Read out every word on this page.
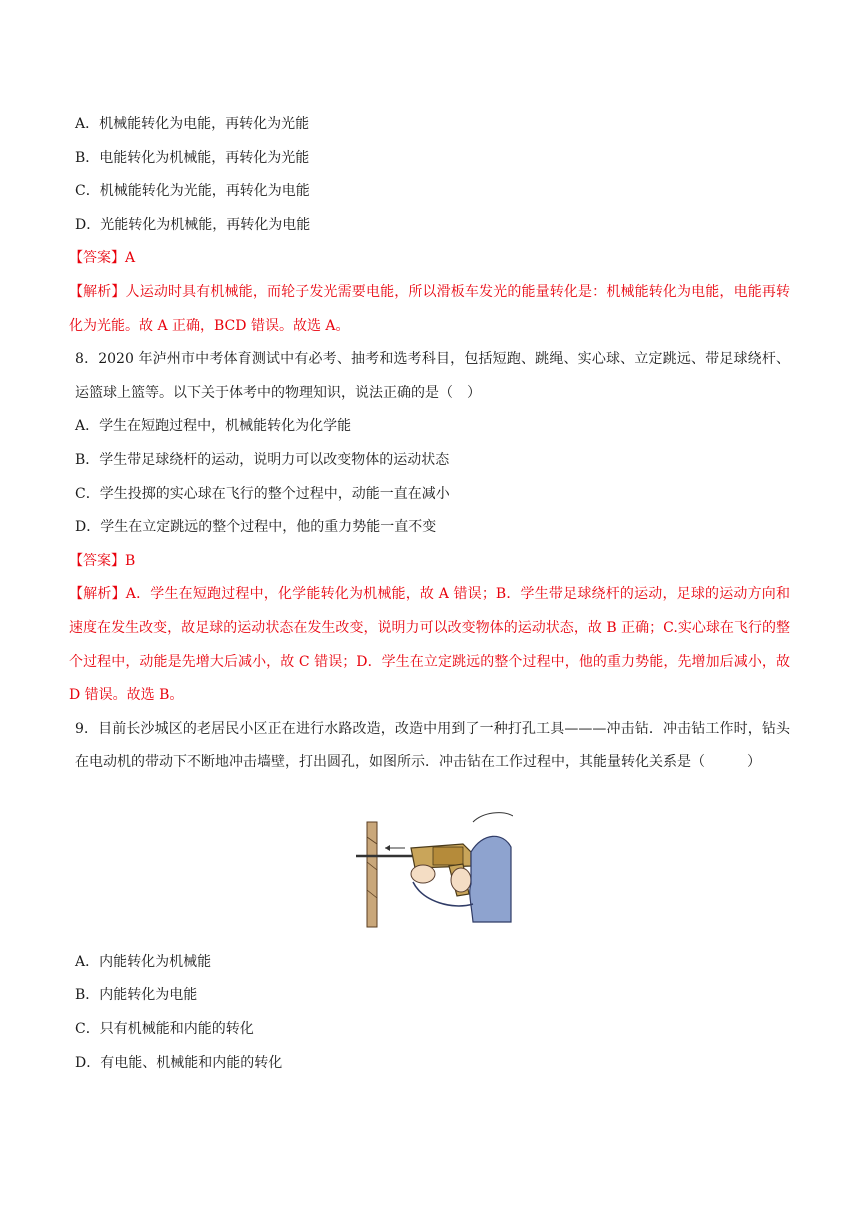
A．机械能转化为电能，再转化为光能
B．电能转化为机械能，再转化为光能
C．机械能转化为光能，再转化为电能
D．光能转化为机械能，再转化为电能
【答案】A
【解析】人运动时具有机械能，而轮子发光需要电能，所以滑板车发光的能量转化是：机械能转化为电能，电能再转化为光能。故 A 正确，BCD 错误。故选 A。
8．2020 年泸州市中考体育测试中有必考、抽考和选考科目，包括短跑、跳绳、实心球、立定跳远、带足球绕杆、运篮球上篮等。以下关于体考中的物理知识，说法正确的是（　）
A．学生在短跑过程中，机械能转化为化学能
B．学生带足球绕杆的运动，说明力可以改变物体的运动状态
C．学生投掷的实心球在飞行的整个过程中，动能一直在减小
D．学生在立定跳远的整个过程中，他的重力势能一直不变
【答案】B
【解析】A．学生在短跑过程中，化学能转化为机械能，故 A 错误；B．学生带足球绕杆的运动，足球的运动方向和速度在发生改变，故足球的运动状态在发生改变，说明力可以改变物体的运动状态，故 B 正确；C.实心球在飞行的整个过程中，动能是先增大后减小，故 C 错误；D．学生在立定跳远的整个过程中，他的重力势能，先增加后减小，故 D 错误。故选 B。
9．目前长沙城区的老居民小区正在进行水路改造，改造中用到了一种打孔工具———冲击钻．冲击钻工作时，钻头在电动机的带动下不断地冲击墙壁，打出圆孔，如图所示．冲击钻在工作过程中，其能量转化关系是（　　　）
A．内能转化为机械能
B．内能转化为电能
C．只有机械能和内能的转化
D．有电能、机械能和内能的转化
